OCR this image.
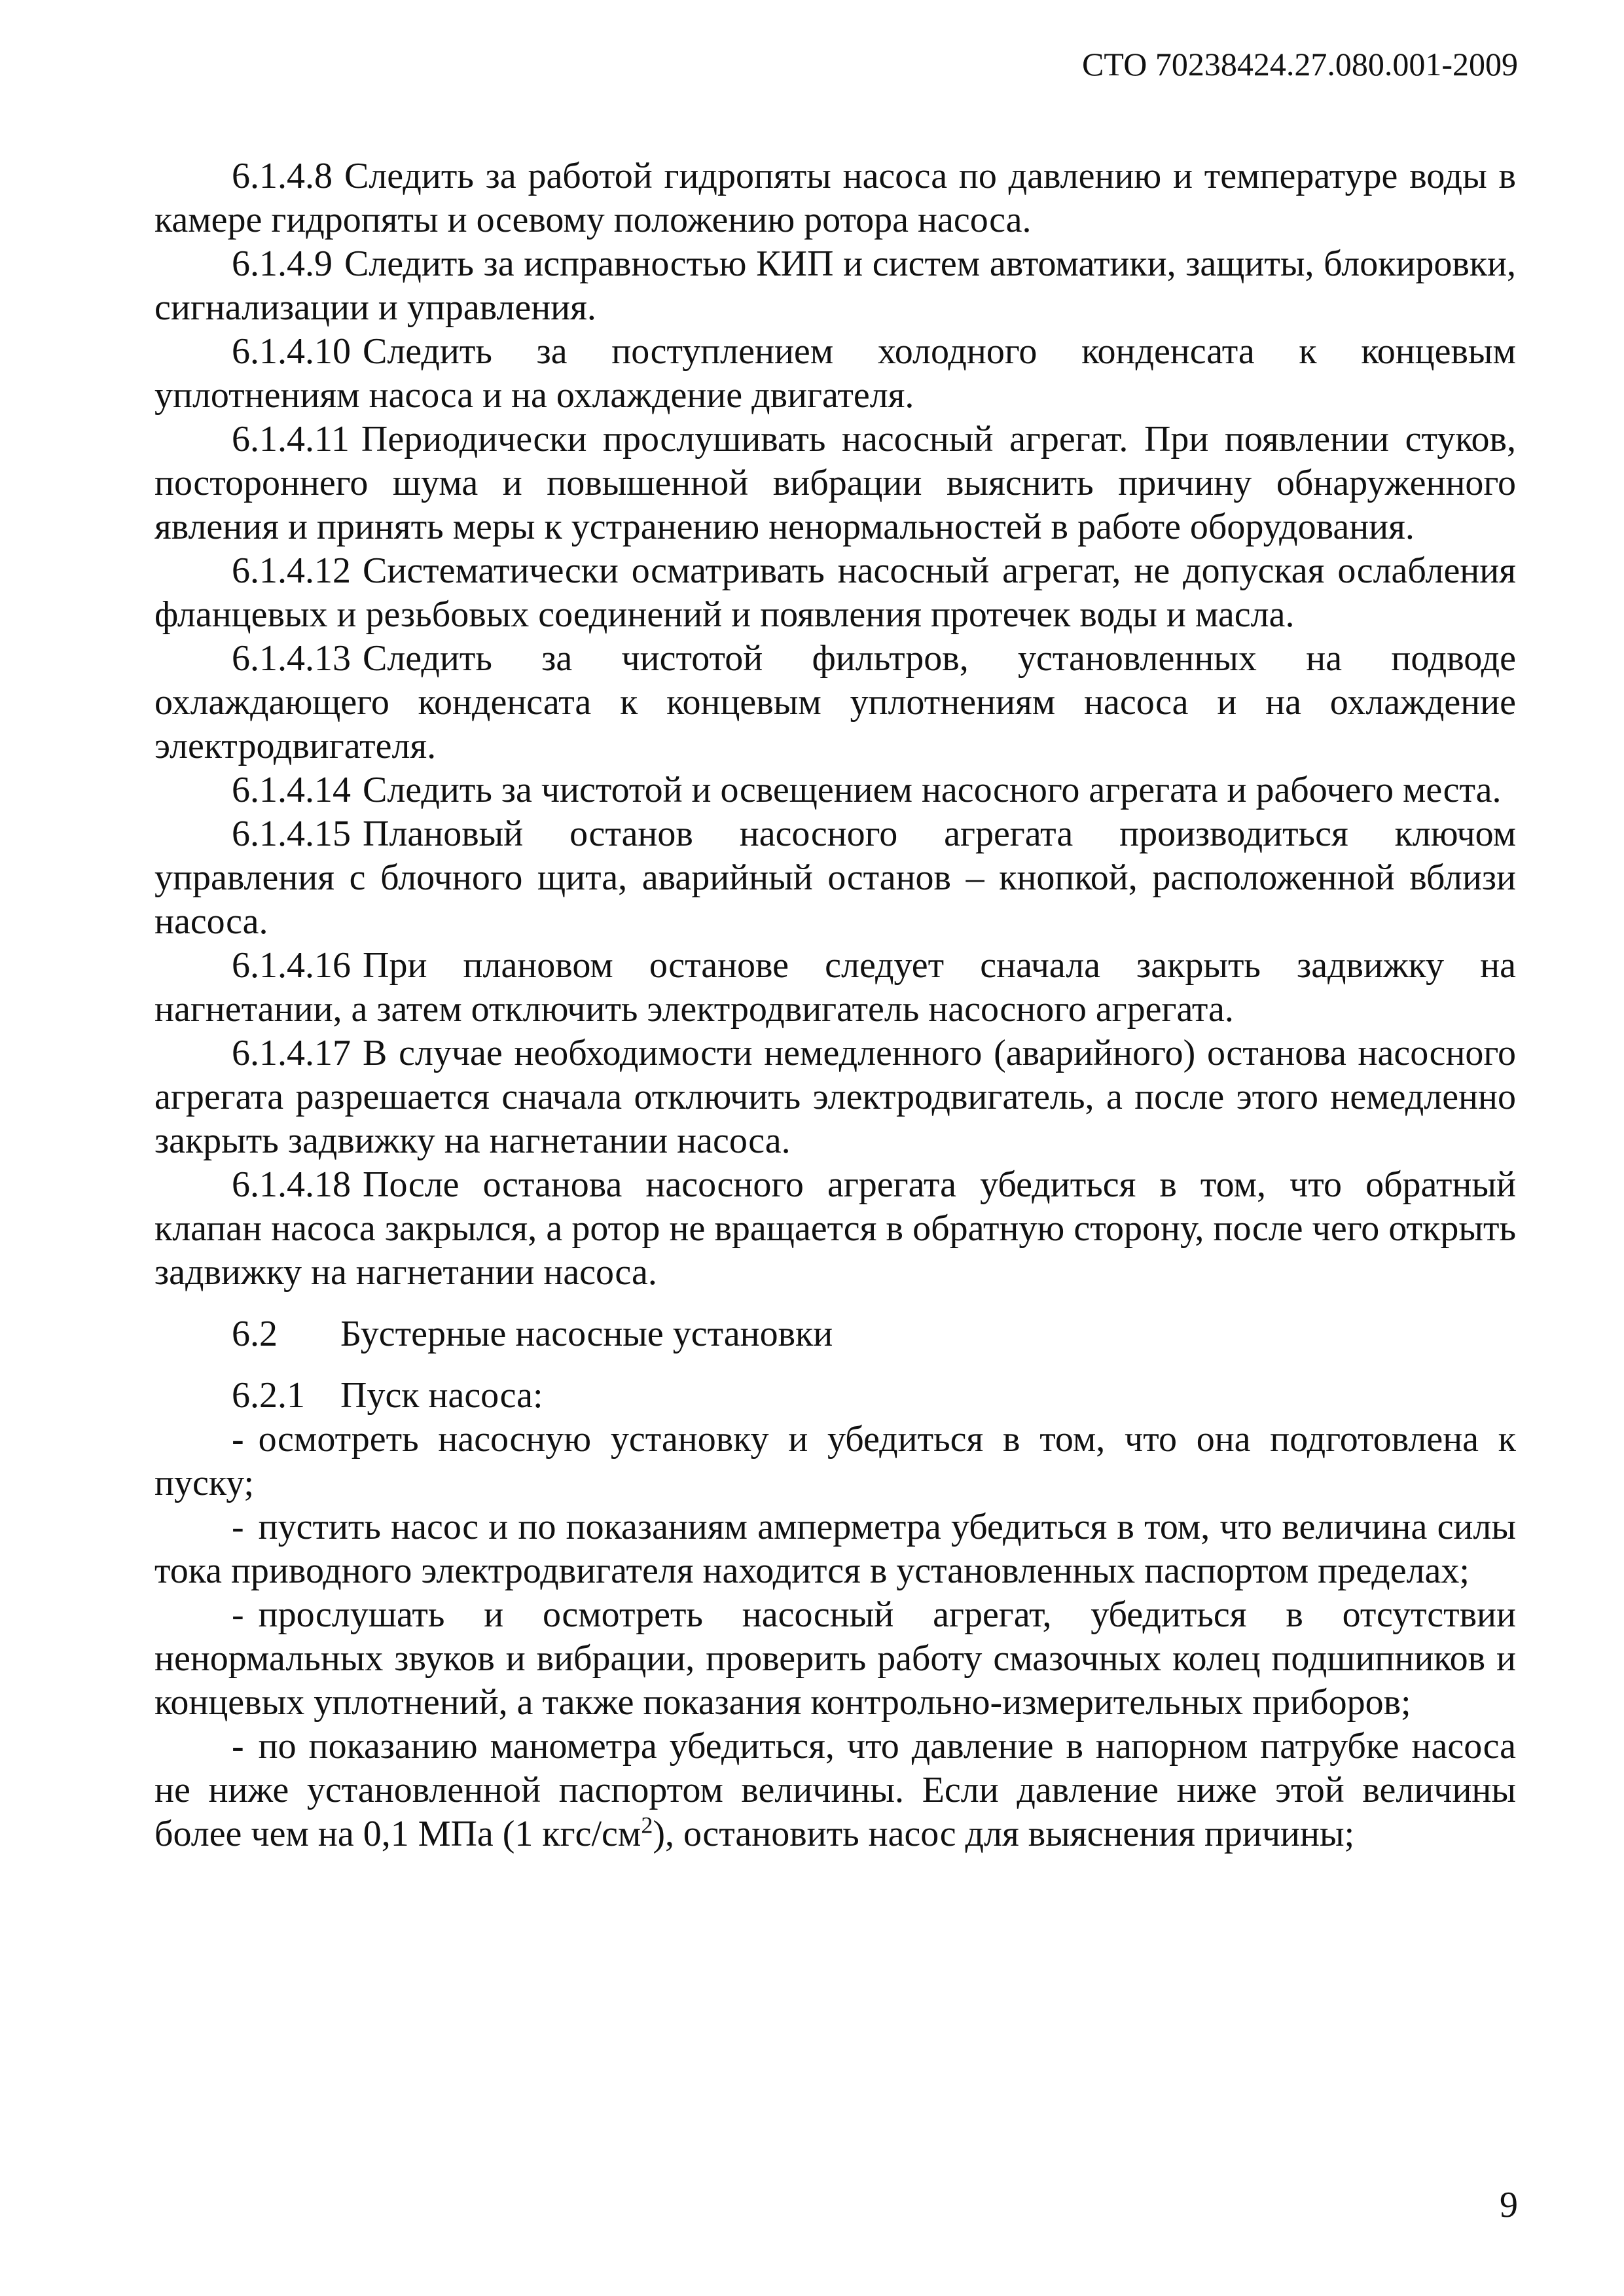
СТО 70238424.27.080.001-2009

6.1.4.8 Следить за работой гидропяты насоса по давлению и температуре воды в камере гидропяты и осевому положению ротора насоса.

6.1.4.9 Следить за исправностью КИП и систем автоматики, защиты, блокировки, сигнализации и управления.

6.1.4.10 Следить за поступлением холодного конденсата к концевым уплотнениям насоса и на охлаждение двигателя.

6.1.4.11 Периодически прослушивать насосный агрегат. При появлении стуков, постороннего шума и повышенной вибрации выяснить причину обнаруженного явления и принять меры к устранению ненормальностей в работе оборудования.

6.1.4.12 Систематически осматривать насосный агрегат, не допуская ослабления фланцевых и резьбовых соединений и появления протечек воды и масла.

6.1.4.13 Следить за чистотой фильтров, установленных на подводе охлаждающего конденсата к концевым уплотнениям насоса и на охлаждение электродвигателя.

6.1.4.14 Следить за чистотой и освещением насосного агрегата и рабочего места.

6.1.4.15 Плановый останов насосного агрегата производиться ключом управления с блочного щита, аварийный останов – кнопкой, расположенной вблизи насоса.

6.1.4.16 При плановом останове следует сначала закрыть задвижку на нагнетании, а затем отключить электродвигатель насосного агрегата.

6.1.4.17 В случае необходимости немедленного (аварийного) останова насосного агрегата разрешается сначала отключить электродвигатель, а после этого немедленно закрыть задвижку на нагнетании насоса.

6.1.4.18 После останова насосного агрегата убедиться в том, что обратный клапан насоса закрылся, а ротор не вращается в обратную сторону, после чего открыть задвижку на нагнетании насоса.

6.2 Бустерные насосные установки

6.2.1 Пуск насоса:

- осмотреть насосную установку и убедиться в том, что она подготовлена к пуску;

- пустить насос и по показаниям амперметра убедиться в том, что величина силы тока приводного электродвигателя находится в установленных паспортом пределах;

- прослушать и осмотреть насосный агрегат, убедиться в отсутствии ненормальных звуков и вибрации, проверить работу смазочных колец подшипников и концевых уплотнений, а также показания контрольно-измерительных приборов;

- по показанию манометра убедиться, что давление в напорном патрубке насоса не ниже установленной паспортом величины. Если давление ниже этой величины более чем на 0,1 МПа (1 кгс/$см^2$), остановить насос для выяснения причины;

9
